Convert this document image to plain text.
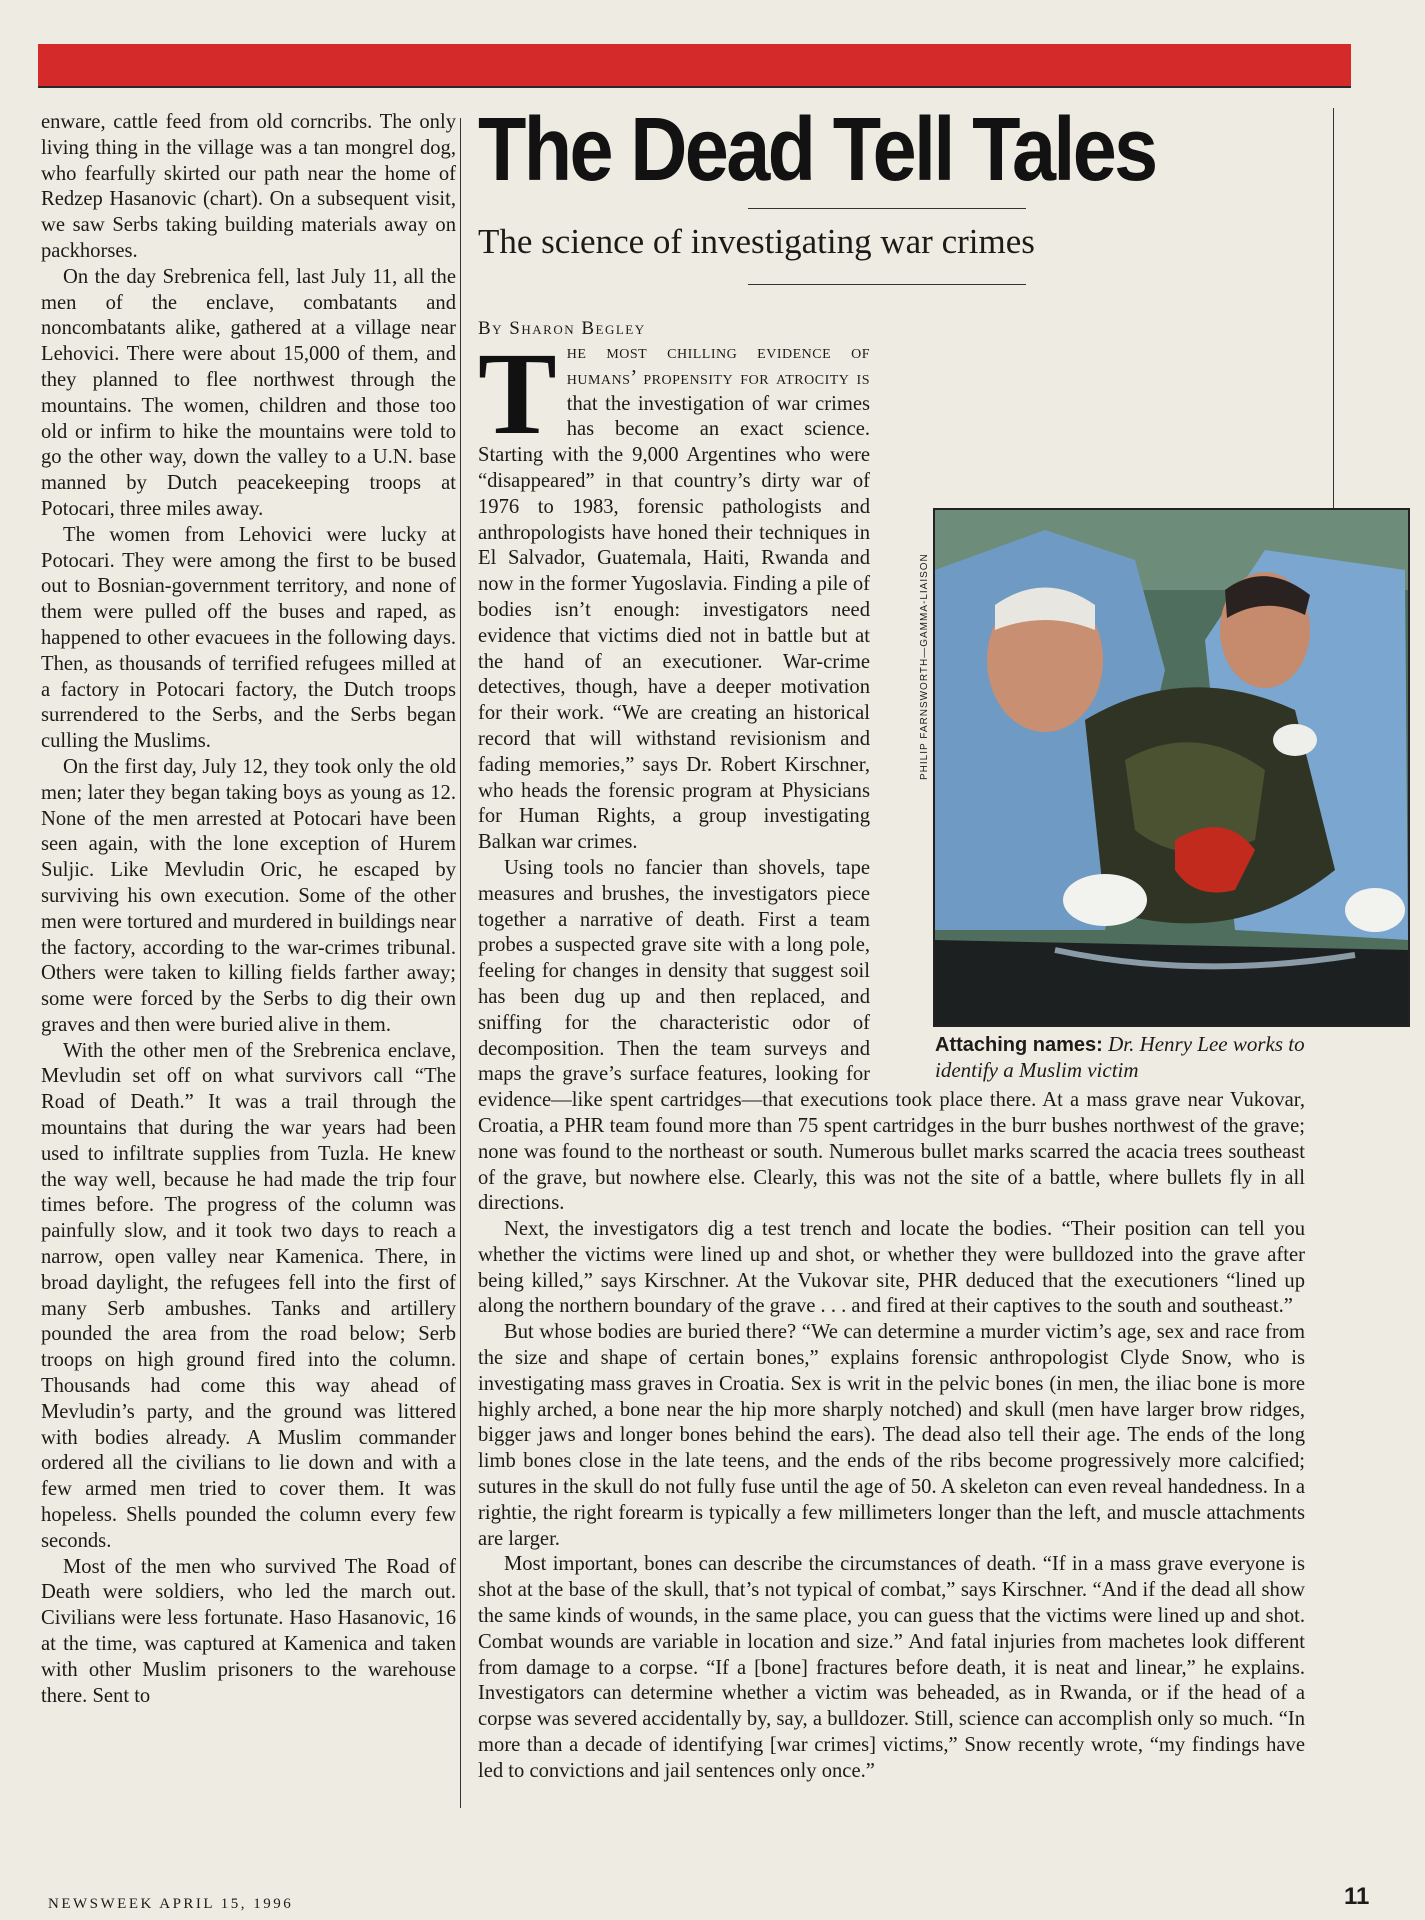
enware, cattle feed from old corncribs. The only living thing in the village was a tan mongrel dog, who fearfully skirted our path near the home of Redzep Hasanovic (chart). On a subsequent visit, we saw Serbs taking building materials away on packhorses.

On the day Srebrenica fell, last July 11, all the men of the enclave, combatants and noncombatants alike, gathered at a village near Lehovici. There were about 15,000 of them, and they planned to flee northwest through the mountains. The women, children and those too old or infirm to hike the mountains were told to go the other way, down the valley to a U.N. base manned by Dutch peacekeeping troops at Potocari, three miles away.

The women from Lehovici were lucky at Potocari. They were among the first to be bused out to Bosnian-government territory, and none of them were pulled off the buses and raped, as happened to other evacuees in the following days. Then, as thousands of terrified refugees milled at a factory in Potocari factory, the Dutch troops surrendered to the Serbs, and the Serbs began culling the Muslims.

On the first day, July 12, they took only the old men; later they began taking boys as young as 12. None of the men arrested at Potocari have been seen again, with the lone exception of Hurem Suljic. Like Mevludin Oric, he escaped by surviving his own execution. Some of the other men were tortured and murdered in buildings near the factory, according to the war-crimes tribunal. Others were taken to killing fields farther away; some were forced by the Serbs to dig their own graves and then were buried alive in them.

With the other men of the Srebrenica enclave, Mevludin set off on what survivors call “The Road of Death.” It was a trail through the mountains that during the war years had been used to infiltrate supplies from Tuzla. He knew the way well, because he had made the trip four times before. The progress of the column was painfully slow, and it took two days to reach a narrow, open valley near Kamenica. There, in broad daylight, the refugees fell into the first of many Serb ambushes. Tanks and artillery pounded the area from the road below; Serb troops on high ground fired into the column. Thousands had come this way ahead of Mevludin’s party, and the ground was littered with bodies already. A Muslim commander ordered all the civilians to lie down and with a few armed men tried to cover them. It was hopeless. Shells pounded the column every few seconds.

Most of the men who survived The Road of Death were soldiers, who led the march out. Civilians were less fortunate. Haso Hasanovic, 16 at the time, was captured at Kamenica and taken with other Muslim prisoners to the warehouse there. Sent to

The Dead Tell Tales
The science of investigating war crimes
By Sharon Begley

The most chilling evidence of humans’ propensity for atrocity is that the investigation of war crimes has become an exact science. Starting with the 9,000 Argentines who were “disappeared” in that country’s dirty war of 1976 to 1983, forensic pathologists and anthropologists have honed their techniques in El Salvador, Guatemala, Haiti, Rwanda and now in the former Yugoslavia. Finding a pile of bodies isn’t enough: investigators need evidence that victims died not in battle but at the hand of an executioner. War-crime detectives, though, have a deeper motivation for their work. “We are creating an historical record that will withstand revisionism and fading memories,” says Dr. Robert Kirschner, who heads the forensic program at Physicians for Human Rights, a group investigating Balkan war crimes.

Using tools no fancier than shovels, tape measures and brushes, the investigators piece together a narrative of death. First a team probes a suspected grave site with a long pole, feeling for changes in density that suggest soil has been dug up and then replaced, and sniffing for the characteristic odor of decomposition. Then the team surveys and maps the grave’s surface features, looking for evidence—like spent cartridges—that executions took place there. At a mass grave near Vukovar, Croatia, a PHR team found more than 75 spent cartridges in the burr bushes northwest of the grave; none was found to the northeast or south. Numerous bullet marks scarred the acacia trees southeast of the grave, but nowhere else. Clearly, this was not the site of a battle, where bullets fly in all directions.

Next, the investigators dig a test trench and locate the bodies. “Their position can tell you whether the victims were lined up and shot, or whether they were bulldozed into the grave after being killed,” says Kirschner. At the Vukovar site, PHR deduced that the executioners “lined up along the northern boundary of the grave . . . and fired at their captives to the south and southeast.”

But whose bodies are buried there? “We can determine a murder victim’s age, sex and race from the size and shape of certain bones,” explains forensic anthropologist Clyde Snow, who is investigating mass graves in Croatia. Sex is writ in the pelvic bones (in men, the iliac bone is more highly arched, a bone near the hip more sharply notched) and skull (men have larger brow ridges, bigger jaws and longer bones behind the ears). The dead also tell their age. The ends of the long limb bones close in the late teens, and the ends of the ribs become progressively more calcified; sutures in the skull do not fully fuse until the age of 50. A skeleton can even reveal handedness. In a rightie, the right forearm is typically a few millimeters longer than the left, and muscle attachments are larger.

Most important, bones can describe the circumstances of death. “If in a mass grave everyone is shot at the base of the skull, that’s not typical of combat,” says Kirschner. “And if the dead all show the same kinds of wounds, in the same place, you can guess that the victims were lined up and shot. Combat wounds are variable in location and size.” And fatal injuries from machetes look different from damage to a corpse. “If a [bone] fractures before death, it is neat and linear,” he explains. Investigators can determine whether a victim was beheaded, as in Rwanda, or if the head of a corpse was severed accidentally by, say, a bulldozer. Still, science can accomplish only so much. “In more than a decade of identifying [war crimes] victims,” Snow recently wrote, “my findings have led to convictions and jail sentences only once.”

PHILIP FARNSWORTH—GAMMA-LIAISON
Attaching names: Dr. Henry Lee works to identify a Muslim victim
NEWSWEEK APRIL 15, 1996	11
